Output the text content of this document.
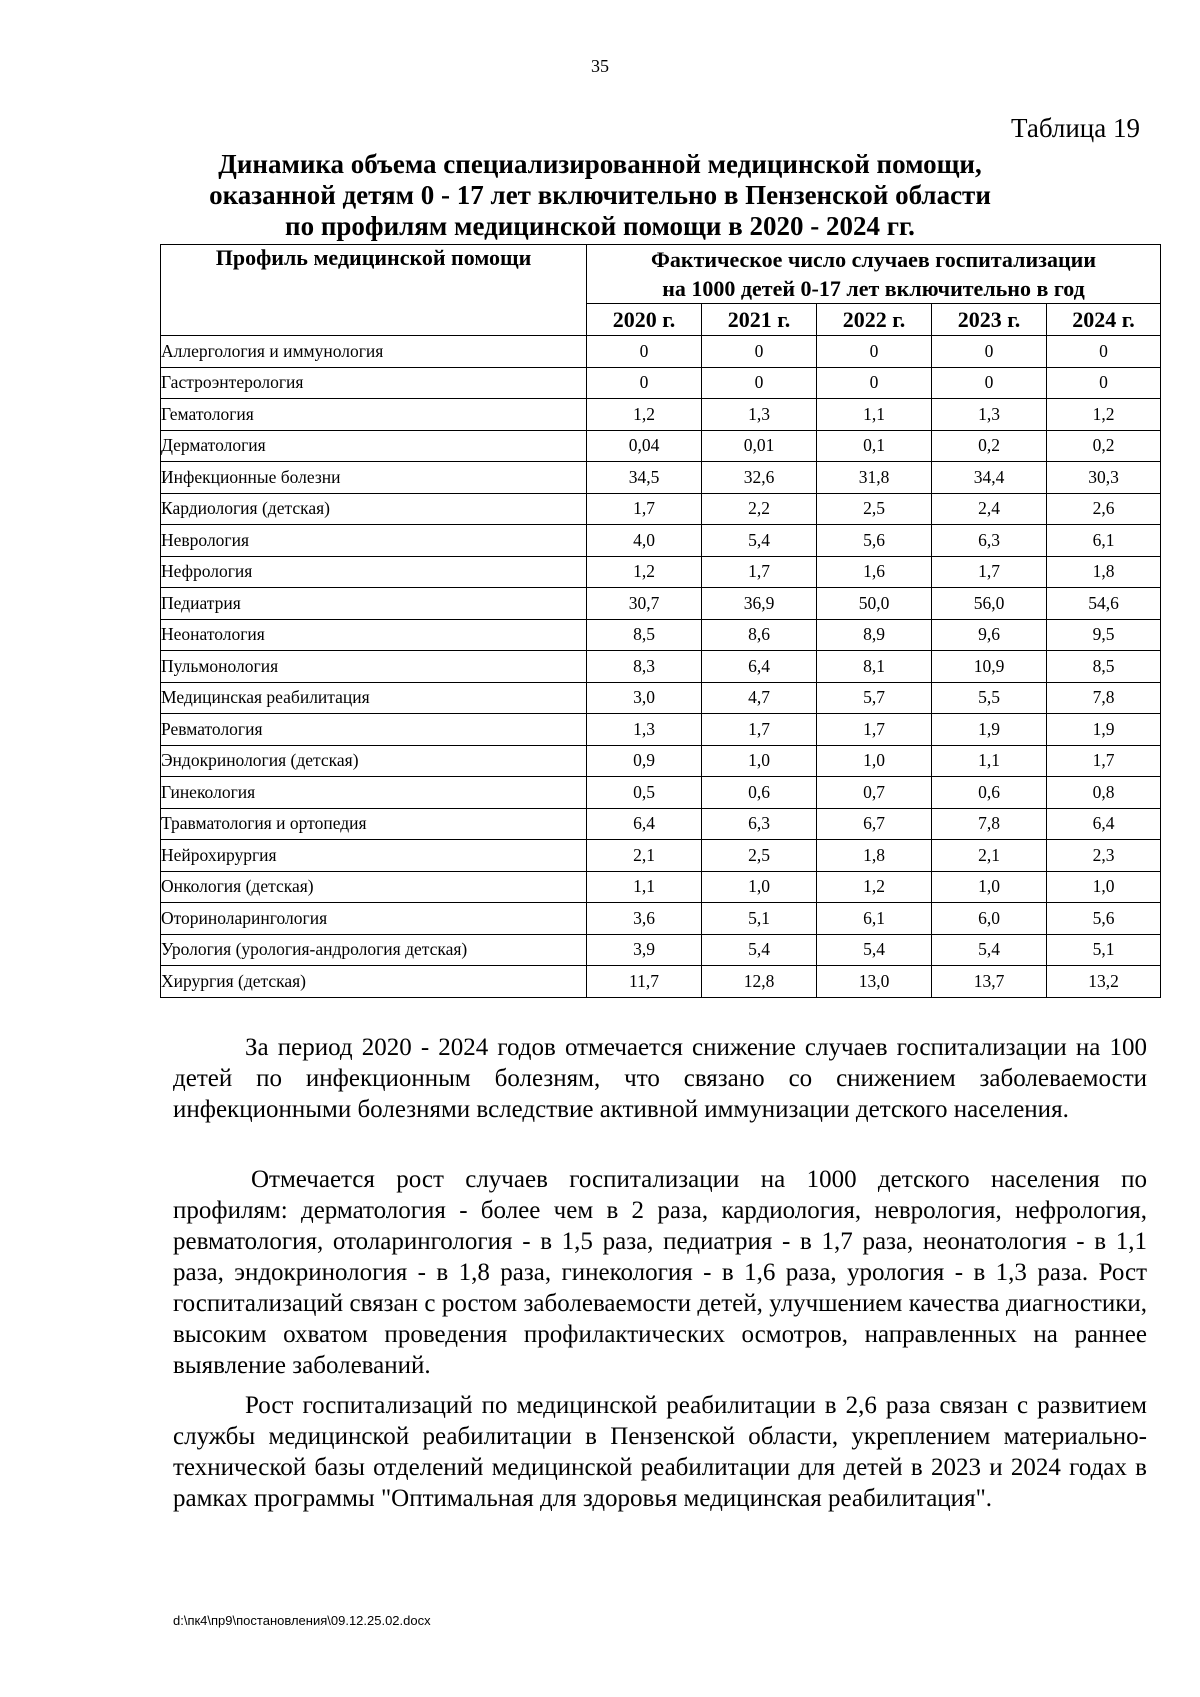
35
Таблица 19
Динамика объема специализированной медицинской помощи,
оказанной детям 0 - 17 лет включительно в Пензенской области
по профилям медицинской помощи в 2020 - 2024 гг.
Профиль медицинской помощи	Фактическое число случаев госпитализации
на 1000 детей 0-17 лет включительно в год				

	2020 г.	2021 г.	2022 г.	2023 г.	2024 г.
Аллергология и иммунология	0	0	0	0	0
Гастроэнтерология	0	0	0	0	0
Гематология	1,2	1,3	1,1	1,3	1,2
Дерматология	0,04	0,01	0,1	0,2	0,2
Инфекционные болезни	34,5	32,6	31,8	34,4	30,3
Кардиология (детская)	1,7	2,2	2,5	2,4	2,6
Неврология	4,0	5,4	5,6	6,3	6,1
Нефрология	1,2	1,7	1,6	1,7	1,8
Педиатрия	30,7	36,9	50,0	56,0	54,6
Неонатология	8,5	8,6	8,9	9,6	9,5
Пульмонология	8,3	6,4	8,1	10,9	8,5
Медицинская реабилитация	3,0	4,7	5,7	5,5	7,8
Ревматология	1,3	1,7	1,7	1,9	1,9
Эндокринология (детская)	0,9	1,0	1,0	1,1	1,7
Гинекология	0,5	0,6	0,7	0,6	0,8
Травматология и ортопедия	6,4	6,3	6,7	7,8	6,4
Нейрохирургия	2,1	2,5	1,8	2,1	2,3
Онкология (детская)	1,1	1,0	1,2	1,0	1,0
Оториноларингология	3,6	5,1	6,1	6,0	5,6
Урология (урология-андрология детская)	3,9	5,4	5,4	5,4	5,1
Хирургия (детская)	11,7	12,8	13,0	13,7	13,2
За период 2020 - 2024 годов отмечается снижение случаев госпитализации на 100 детей по инфекционным болезням, что связано со снижением заболеваемости инфекционными болезнями вследствие активной иммунизации детского населения.
Отмечается рост случаев госпитализации на 1000 детского населения по профилям: дерматология - более чем в 2 раза, кардиология, неврология, нефрология, ревматология, отоларингология - в 1,5 раза, педиатрия - в 1,7 раза, неонатология - в 1,1 раза, эндокринология - в 1,8 раза, гинекология - в 1,6 раза, урология - в 1,3 раза. Рост госпитализаций связан с ростом заболеваемости детей, улучшением качества диагностики, высоким охватом проведения профилактических осмотров, направленных на раннее выявление заболеваний.
Рост госпитализаций по медицинской реабилитации в 2,6 раза связан с развитием службы медицинской реабилитации в Пензенской области, укреплением материально-технической базы отделений медицинской реабилитации для детей в 2023 и 2024 годах в рамках программы "Оптимальная для здоровья медицинская реабилитация".
d:\пк4\пр9\постановления\09.12.25.02.docx
